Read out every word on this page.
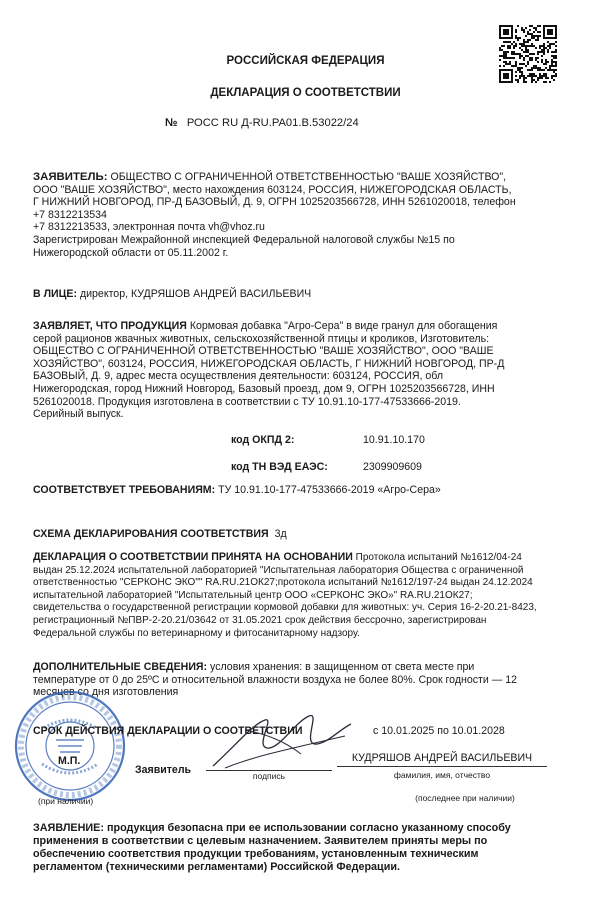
РОССИЙСКАЯ ФЕДЕРАЦИЯ
ДЕКЛАРАЦИЯ О СООТВЕТСТВИИ
№ РОСС RU Д-RU.PA01.B.53022/24
ЗАЯВИТЕЛЬ: ОБЩЕСТВО С ОГРАНИЧЕННОЙ ОТВЕТСТВЕННОСТЬЮ "ВАШЕ ХОЗЯЙСТВО",
ООО "ВАШЕ ХОЗЯЙСТВО", место нахождения 603124, РОССИЯ, НИЖЕГОРОДСКАЯ ОБЛАСТЬ,
Г НИЖНИЙ НОВГОРОД, ПР-Д БАЗОВЫЙ, Д. 9, ОГРН 1025203566728, ИНН 5261020018, телефон
+7 8312213534
+7 8312213533, электронная почта vh@vhoz.ru
Зарегистрирован Межрайонной инспекцией Федеральной налоговой службы №15 по
Нижегородской области от 05.11.2002 г.
В ЛИЦЕ: директор, КУДРЯШОВ АНДРЕЙ ВАСИЛЬЕВИЧ
ЗАЯВЛЯЕТ, ЧТО ПРОДУКЦИЯ Кормовая добавка "Агро-Сера" в виде гранул для обогащения
серой рационов жвачных животных, сельскохозяйственной птицы и кроликов, Изготовитель:
ОБЩЕСТВО С ОГРАНИЧЕННОЙ ОТВЕТСТВЕННОСТЬЮ "ВАШЕ ХОЗЯЙСТВО", ООО "ВАШЕ
ХОЗЯЙСТВО", 603124, РОССИЯ, НИЖЕГОРОДСКАЯ ОБЛАСТЬ, Г НИЖНИЙ НОВГОРОД, ПР-Д
БАЗОВЫЙ, Д. 9, адрес места осуществления деятельности: 603124, РОССИЯ, обл
Нижегородская, город Нижний Новгород, Базовый проезд, дом 9, ОГРН 1025203566728, ИНН
5261020018. Продукция изготовлена в соответствии с ТУ 10.91.10-177-47533666-2019.
Серийный выпуск.
код ОКПД 2:	10.91.10.170
код ТН ВЭД ЕАЭС:	2309909609
СООТВЕТСТВУЕТ ТРЕБОВАНИЯМ: ТУ 10.91.10-177-47533666-2019 «Агро-Сера»
СХЕМА ДЕКЛАРИРОВАНИЯ СООТВЕТСТВИЯ 3д
ДЕКЛАРАЦИЯ О СООТВЕТСТВИИ ПРИНЯТА НА ОСНОВАНИИ Протокола испытаний №1612/04-24
выдан 25.12.2024 испытательной лабораторией "Испытательная лаборатория Общества с ограниченной
ответственностью "СЕРКОНС ЭКО"" RA.RU.21ОК27;протокола испытаний №1612/197-24 выдан 24.12.2024
испытательной лабораторией "Испытательный центр ООО «СЕРКОНС ЭКО»" RA.RU.21ОК27;
свидетельства о государственной регистрации кормовой добавки для животных: уч. Серия 16-2-20.21-8423,
регистрационный №ПВР-2-20.21/03642 от 31.05.2021 срок действия бессрочно, зарегистрирован
Федеральной службы по ветеринарному и фитосанитарному надзору.
ДОПОЛНИТЕЛЬНЫЕ СВЕДЕНИЯ: условия хранения: в защищенном от света месте при
температуре от 0 до 25ºС и относительной влажности воздуха не более 80%. Срок годности — 12
месяцев со дня изготовления
СРОК ДЕЙСТВИЯ ДЕКЛАРАЦИИ О СООТВЕТСТВИИ	с 10.01.2025 по 10.01.2028
М.П.
Заявитель	подпись
КУДРЯШОВ АНДРЕЙ ВАСИЛЬЕВИЧ
фамилия, имя, отчество
(последнее при наличии)
(при наличии)
ЗАЯВЛЕНИЕ: продукция безопасна при ее использовании согласно указанному способу
применения в соответствии с целевым назначением. Заявителем приняты меры по
обеспечению соответствия продукции требованиям, установленным техническим
регламентом (техническими регламентами) Российской Федерации.
